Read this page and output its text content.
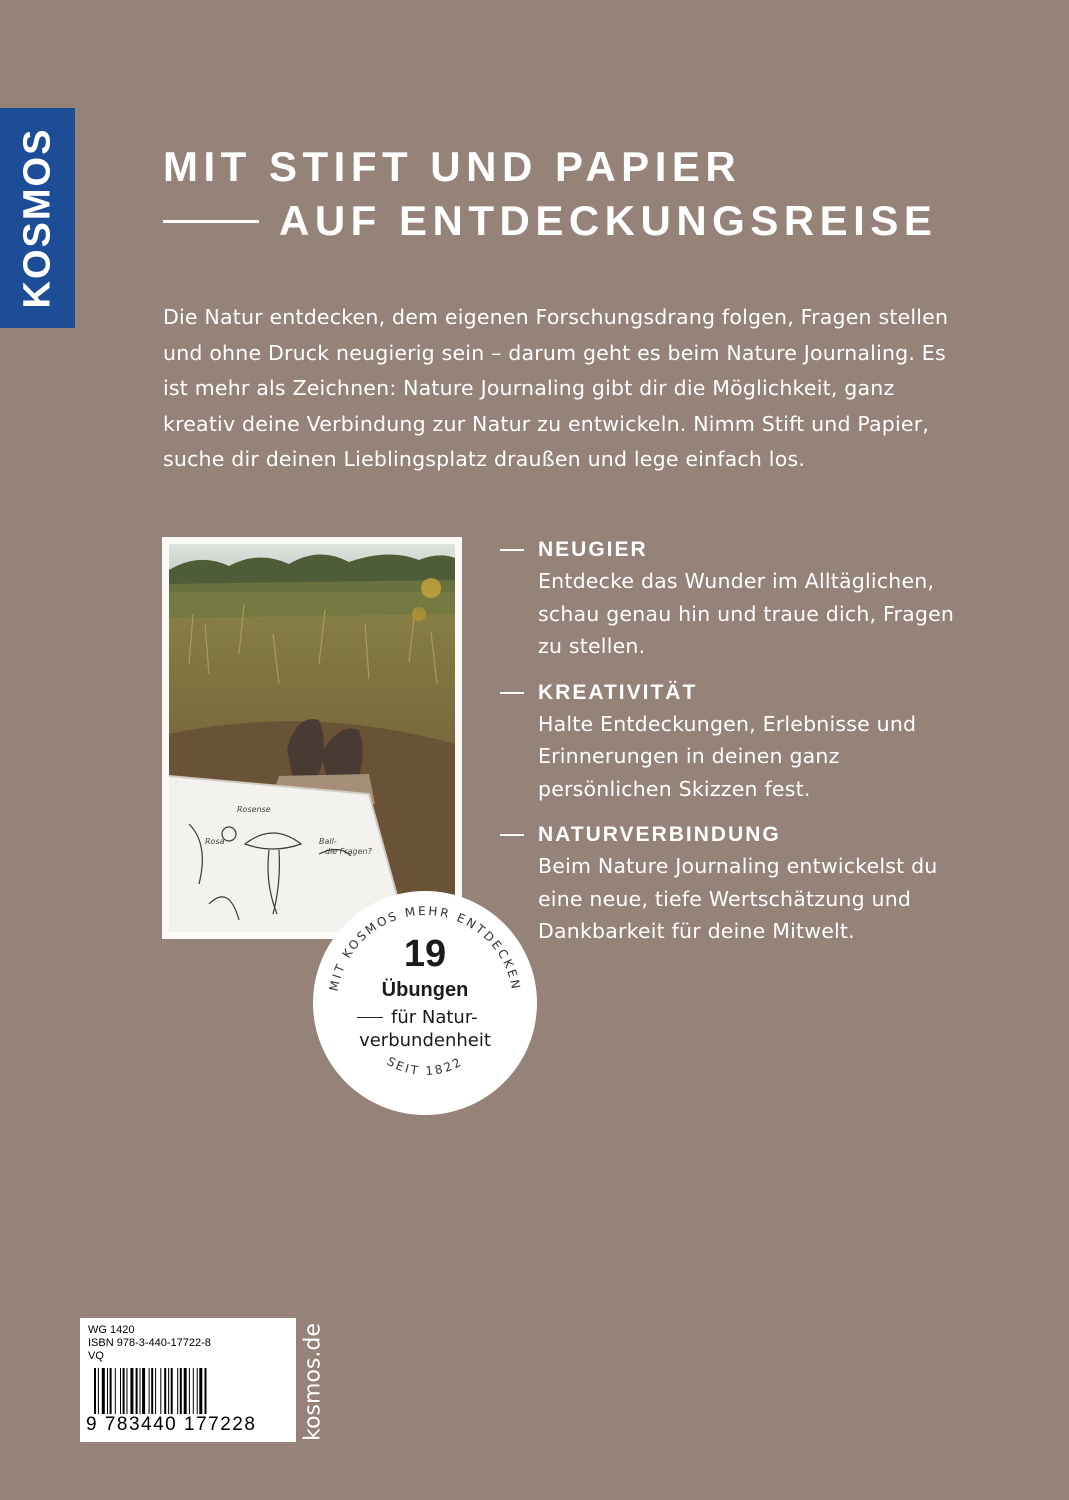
KOSMOS	MIT STIFT UND PAPIER
AUF ENTDECKUNGSREISE
Die Natur entdecken, dem eigenen Forschungsdrang folgen, Fragen stellen und ohne Druck neugierig sein – darum geht es beim Nature Journaling. Es ist mehr als Zeichnen: Nature Journaling gibt dir die Möglichkeit, ganz kreativ deine Verbindung zur Natur zu entwickeln. Nimm Stift und Papier, suche dir deinen Lieblingsplatz draußen und lege einfach los.
Rosense
Rosa	Ball-
die Fragen?
NEUGIER
Entdecke das Wunder im Alltäglichen, schau genau hin und traue dich, Fragen zu stellen.
KREATIVITÄT
Halte Entdeckungen, Erlebnisse und Erinnerungen in deinen ganz persönlichen Skizzen fest.
NATURVERBINDUNG
Beim Nature Journaling entwickelst du eine neue, tiefe Wertschätzung und Dankbarkeit für deine Mitwelt.
MIT KOSMOS MEHR ENTDECKEN
SEIT 1822
19
Übungen
für Natur-
verbundenheit
WG 1420
ISBN 978-3-440-17722-8
VQ
9 783440 177228	kosmos.de
